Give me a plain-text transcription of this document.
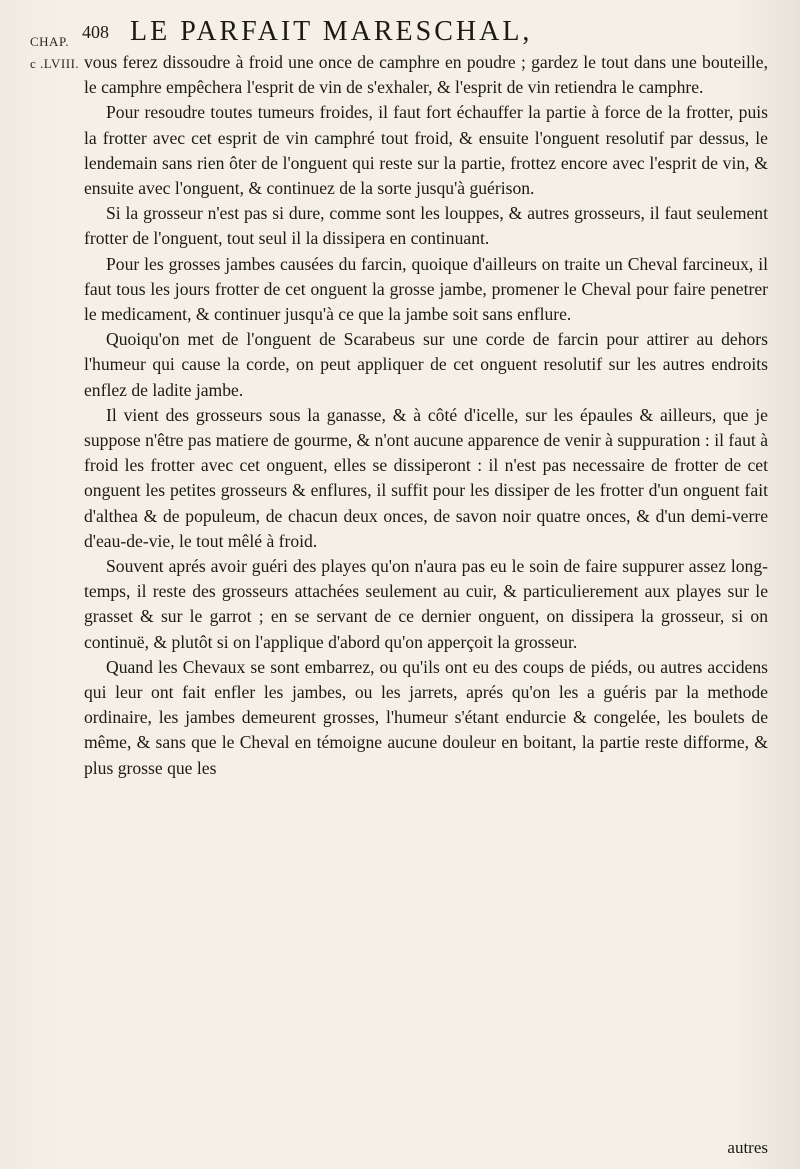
CHAP.
c .LVIII.
408 LE PARFAIT MARESCHAL,

vous ferez dissoudre à froid une once de camphre en poudre ; gardez le tout dans une bouteille, le camphre empêchera l'esprit de vin de s'exhaler, & l'esprit de vin retiendra le camphre.

Pour resoudre toutes tumeurs froides, il faut fort échauffer la partie à force de la frotter, puis la frotter avec cet esprit de vin camphré tout froid, & ensuite l'onguent resolutif par dessus, le lendemain sans rien ôter de l'onguent qui reste sur la partie, frottez encore avec l'esprit de vin, & ensuite avec l'onguent, & continuez de la sorte jusqu'à guérison.

Si la grosseur n'est pas si dure, comme sont les louppes, & autres grosseurs, il faut seulement frotter de l'onguent, tout seul il la dissipera en continuant.

Pour les grosses jambes causées du farcin, quoique d'ailleurs on traite un Cheval farcineux, il faut tous les jours frotter de cet onguent la grosse jambe, promener le Cheval pour faire penetrer le medicament, & continuer jusqu'à ce que la jambe soit sans enflure.

Quoiqu'on met de l'onguent de Scarabeus sur une corde de farcin pour attirer au dehors l'humeur qui cause la corde, on peut appliquer de cet onguent resolutif sur les autres endroits enflez de ladite jambe.

Il vient des grosseurs sous la ganasse, & à côté d'icelle, sur les épaules & ailleurs, que je suppose n'être pas matiere de gourme, & n'ont aucune apparence de venir à suppuration : il faut à froid les frotter avec cet onguent, elles se dissiperont : il n'est pas necessaire de frotter de cet onguent les petites grosseurs & enflures, il suffit pour les dissiper de les frotter d'un onguent fait d'althea & de populeum, de chacun deux onces, de savon noir quatre onces, & d'un demi-verre d'eau-de-vie, le tout mêlé à froid.

Souvent aprés avoir guéri des playes qu'on n'aura pas eu le soin de faire suppurer assez long-temps, il reste des grosseurs attachées seulement au cuir, & particulierement aux playes sur le grasset & sur le garrot ; en se servant de ce dernier onguent, on dissipera la grosseur, si on continuë, & plutôt si on l'applique d'abord qu'on apperçoit la grosseur.

Quand les Chevaux se sont embarrez, ou qu'ils ont eu des coups de piéds, ou autres accidens qui leur ont fait enfler les jambes, ou les jarrets, aprés qu'on les a guéris par la methode ordinaire, les jambes demeurent grosses, l'humeur s'étant endurcie & congelée, les boulets de même, & sans que le Cheval en témoigne aucune douleur en boitant, la partie reste difforme, & plus grosse que les

autres
